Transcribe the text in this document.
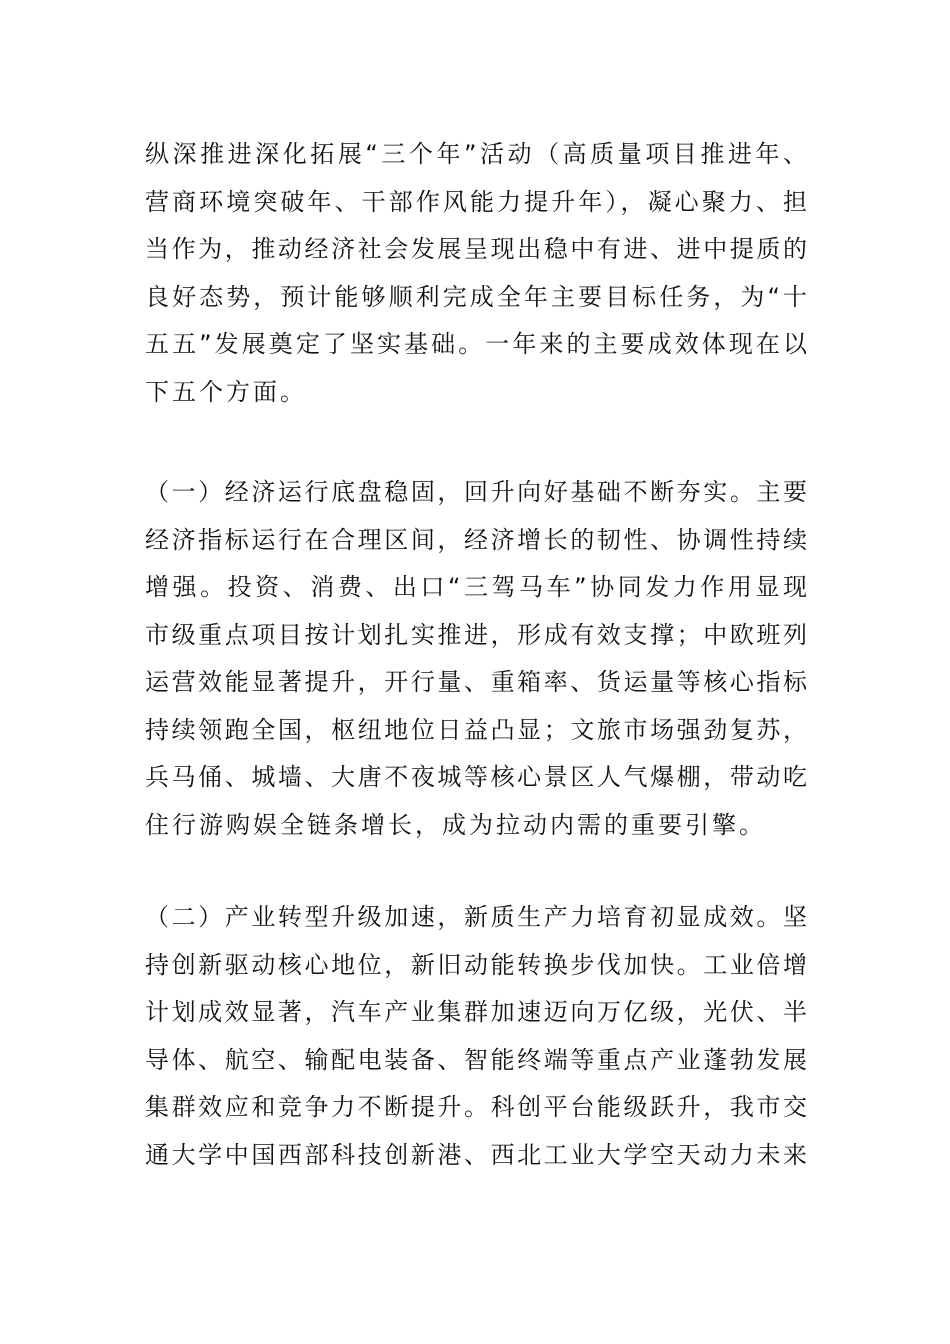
纵深推进深化拓展“三个年”活动（高质量项目推进年、
营商环境突破年、干部作风能力提升年），凝心聚力、担
当作为，推动经济社会发展呈现出稳中有进、进中提质的
良好态势，预计能够顺利完成全年主要目标任务，为“十
五五”发展奠定了坚实基础。一年来的主要成效体现在以
下五个方面。
（一）经济运行底盘稳固，回升向好基础不断夯实。主要
经济指标运行在合理区间，经济增长的韧性、协调性持续
增强。投资、消费、出口“三驾马车”协同发力作用显现
市级重点项目按计划扎实推进，形成有效支撑；中欧班列
运营效能显著提升，开行量、重箱率、货运量等核心指标
持续领跑全国，枢纽地位日益凸显；文旅市场强劲复苏，
兵马俑、城墙、大唐不夜城等核心景区人气爆棚，带动吃
住行游购娱全链条增长，成为拉动内需的重要引擎。
（二）产业转型升级加速，新质生产力培育初显成效。坚
持创新驱动核心地位，新旧动能转换步伐加快。工业倍增
计划成效显著，汽车产业集群加速迈向万亿级，光伏、半
导体、航空、输配电装备、智能终端等重点产业蓬勃发展
集群效应和竞争力不断提升。科创平台能级跃升，我市交
通大学中国西部科技创新港、西北工业大学空天动力未来
